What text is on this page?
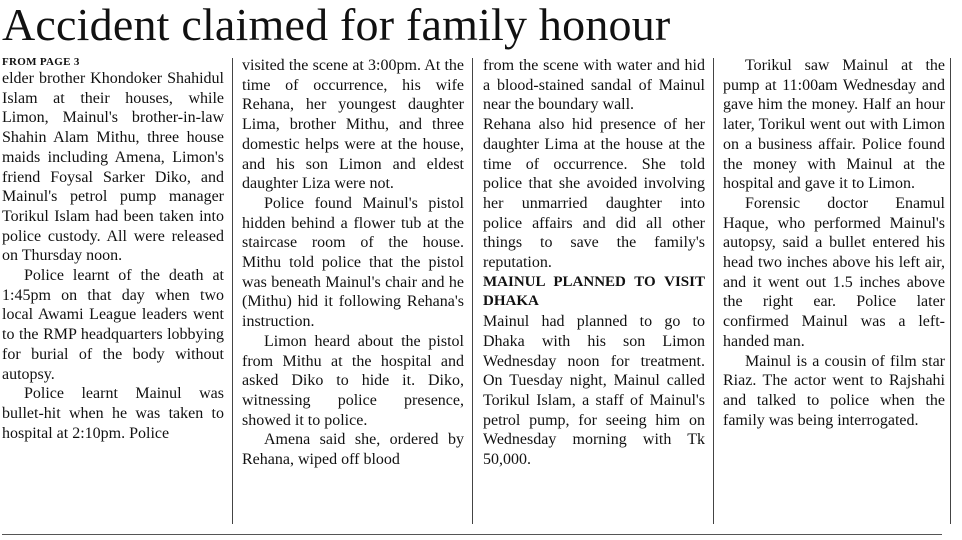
Accident claimed for family honour
FROM PAGE 3

elder brother Khondoker Shahidul Islam at their houses, while Limon, Mainul's brother-in-law Shahin Alam Mithu, three house maids including Amena, Limon's friend Foysal Sarker Diko, and Mainul's petrol pump manager Torikul Islam had been taken into police custody. All were released on Thursday noon.

Police learnt of the death at 1:45pm on that day when two local Awami League leaders went to the RMP headquarters lobbying for burial of the body without autopsy.

Police learnt Mainul was bullet-hit when he was taken to hospital at 2:10pm. Police

visited the scene at 3:00pm. At the time of occurrence, his wife Rehana, her youngest daughter Lima, brother Mithu, and three domestic helps were at the house, and his son Limon and eldest daughter Liza were not.

Police found Mainul's pistol hidden behind a flower tub at the staircase room of the house. Mithu told police that the pistol was beneath Mainul's chair and he (Mithu) hid it following Rehana's instruction.

Limon heard about the pistol from Mithu at the hospital and asked Diko to hide it. Diko, witnessing police presence, showed it to police.

Amena said she, ordered by Rehana, wiped off blood

from the scene with water and hid a blood-stained sandal of Mainul near the boundary wall.

Rehana also hid presence of her daughter Lima at the house at the time of occurrence. She told police that she avoided involving her unmarried daughter into police affairs and did all other things to save the family's reputation.

MAINUL PLANNED TO VISIT DHAKA

Mainul had planned to go to Dhaka with his son Limon Wednesday noon for treatment. On Tuesday night, Mainul called Torikul Islam, a staff of Mainul's petrol pump, for seeing him on Wednesday morning with Tk 50,000.

Torikul saw Mainul at the pump at 11:00am Wednesday and gave him the money. Half an hour later, Torikul went out with Limon on a business affair. Police found the money with Mainul at the hospital and gave it to Limon.

Forensic doctor Enamul Haque, who performed Mainul's autopsy, said a bullet entered his head two inches above his left air, and it went out 1.5 inches above the right ear. Police later confirmed Mainul was a left-handed man.

Mainul is a cousin of film star Riaz. The actor went to Rajshahi and talked to police when the family was being interrogated.
